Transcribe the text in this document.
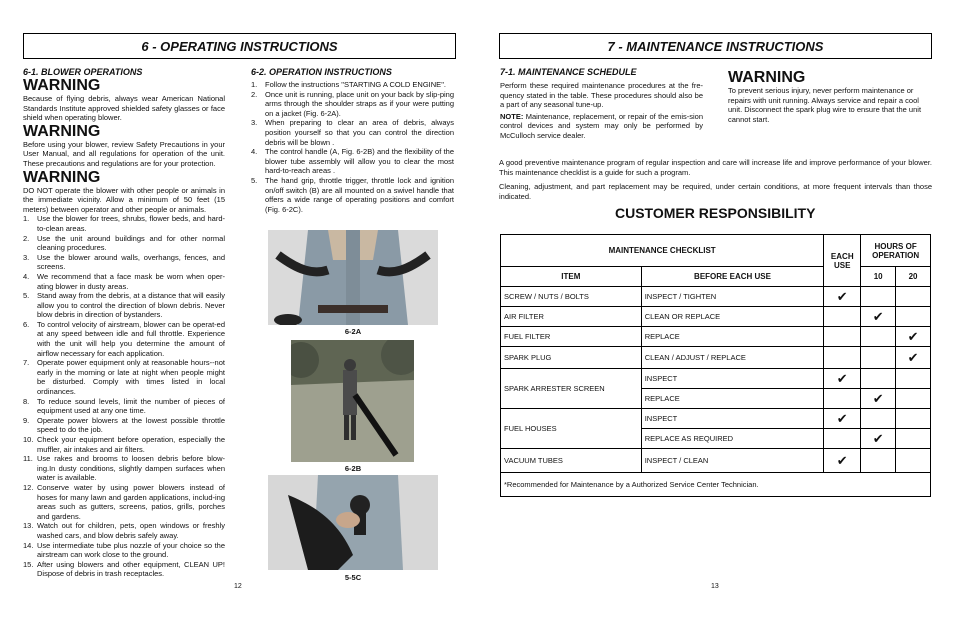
6 - OPERATING INSTRUCTIONS
6-1. BLOWER OPERATIONS
WARNING
Because of flying debris, always wear American National Standards Institute approved shielded safety glasses or face shield when operating blower.
WARNING
Before using your blower, review Safety Precautions in your User Manual, and all regulations for operation of the unit. These precautions and regulations are for your protection.
WARNING
DO NOT operate the blower with other people or animals in the immediate vicinity. Allow a minimum of 50 feet (15 meters) between operator and other people or animals.
1. Use the blower for trees, shrubs, flower beds, and hard-to-clean areas.
2. Use the unit around buildings and for other normal cleaning procedures.
3. Use the blower around walls, overhangs, fences, and screens.
4. We recommend that a face mask be worn when oper-ating blower in dusty areas.
5. Stand away from the debris, at a distance that will easily allow you to control the direction of blown debris. Never blow debris in direction of bystanders.
6. To control velocity of airstream, blower can be operat-ed at any speed between idle and full throttle. Experience with the unit will help you determine the amount of airflow necessary for each application.
7. Operate power equipment only at reasonable hours--not early in the morning or late at night when people might be disturbed. Comply with times listed in local ordinances.
8. To reduce sound levels, limit the number of pieces of equipment used at any one time.
9. Operate power blowers at the lowest possible throttle speed to do the job.
10. Check your equipment before operation, especially the muffler, air intakes and air filters.
11. Use rakes and brooms to loosen debris before blow-ing.In dusty conditions, slightly dampen surfaces when water is available.
12. Conserve water by using power blowers instead of hoses for many lawn and garden applications, includ-ing areas such as gutters, screens, patios, grills, porches and gardens.
13. Watch out for children, pets, open windows or freshly washed cars, and blow debris safely away.
14. Use intermediate tube plus nozzle of your choice so the airstream can work close to the ground.
15. After using blowers and other equipment, CLEAN UP! Dispose of debris in trash receptacles.
6-2. OPERATION INSTRUCTIONS
1. Follow the instructions "STARTING A COLD ENGINE".
2. Once unit is running, place unit on your back by slip-ping arms through the shoulder straps as if your were putting on a jacket (Fig. 6-2A).
3. When preparing to clear an area of debris, always position yourself so that you can control the direction debris will be blown .
4. The control handle (A, Fig. 6-2B) and the flexibility of the blower tube assembly will allow you to clear the most hard-to-reach areas .
5. The hand grip, throttle trigger, throttle lock and ignition on/off switch (B) are all mounted on a swivel handle that offers a wide range of operating positions and comfort (Fig. 6-2C).
6-2A
6-2B
5-5C
12
7 - MAINTENANCE INSTRUCTIONS
7-1. MAINTENANCE SCHEDULE
Perform these required maintenance procedures at the fre-quency stated in the table. These procedures should also be a part of any seasonal tune-up.
NOTE: Maintenance, replacement, or repair of the emis-sion control devices and system may only be performed by McCulloch service dealer.
WARNING
To prevent serious injury, never perform maintenance or repairs with unit running. Always service and repair a cool unit. Disconnect the spark plug wire to ensure that the unit cannot start.
A good preventive maintenance program of regular inspection and care will increase life and improve performance of your blower. This maintenance checklist is a guide for such a program.
Cleaning, adjustment, and part replacement may be required, under certain conditions, at more frequent intervals than those indicated.
CUSTOMER RESPONSIBILITY
MAINTENANCE CHECKLIST		EACH USE	HOURS OF OPERATION	
ITEM	BEFORE EACH USE		10	20
SCREW / NUTS / BOLTS	INSPECT / TIGHTEN	✔		
AIR FILTER	CLEAN OR REPLACE		✔	
FUEL FILTER	REPLACE			✔
SPARK PLUG	CLEAN / ADJUST / REPLACE			✔
SPARK ARRESTER SCREEN	INSPECT	✔		
	REPLACE		✔	
FUEL HOUSES	INSPECT	✔		
	REPLACE AS REQUIRED		✔	
VACUUM TUBES	INSPECT / CLEAN	✔		
*Recommended for Maintenance by a Authorized Service Center Technician.				
13
